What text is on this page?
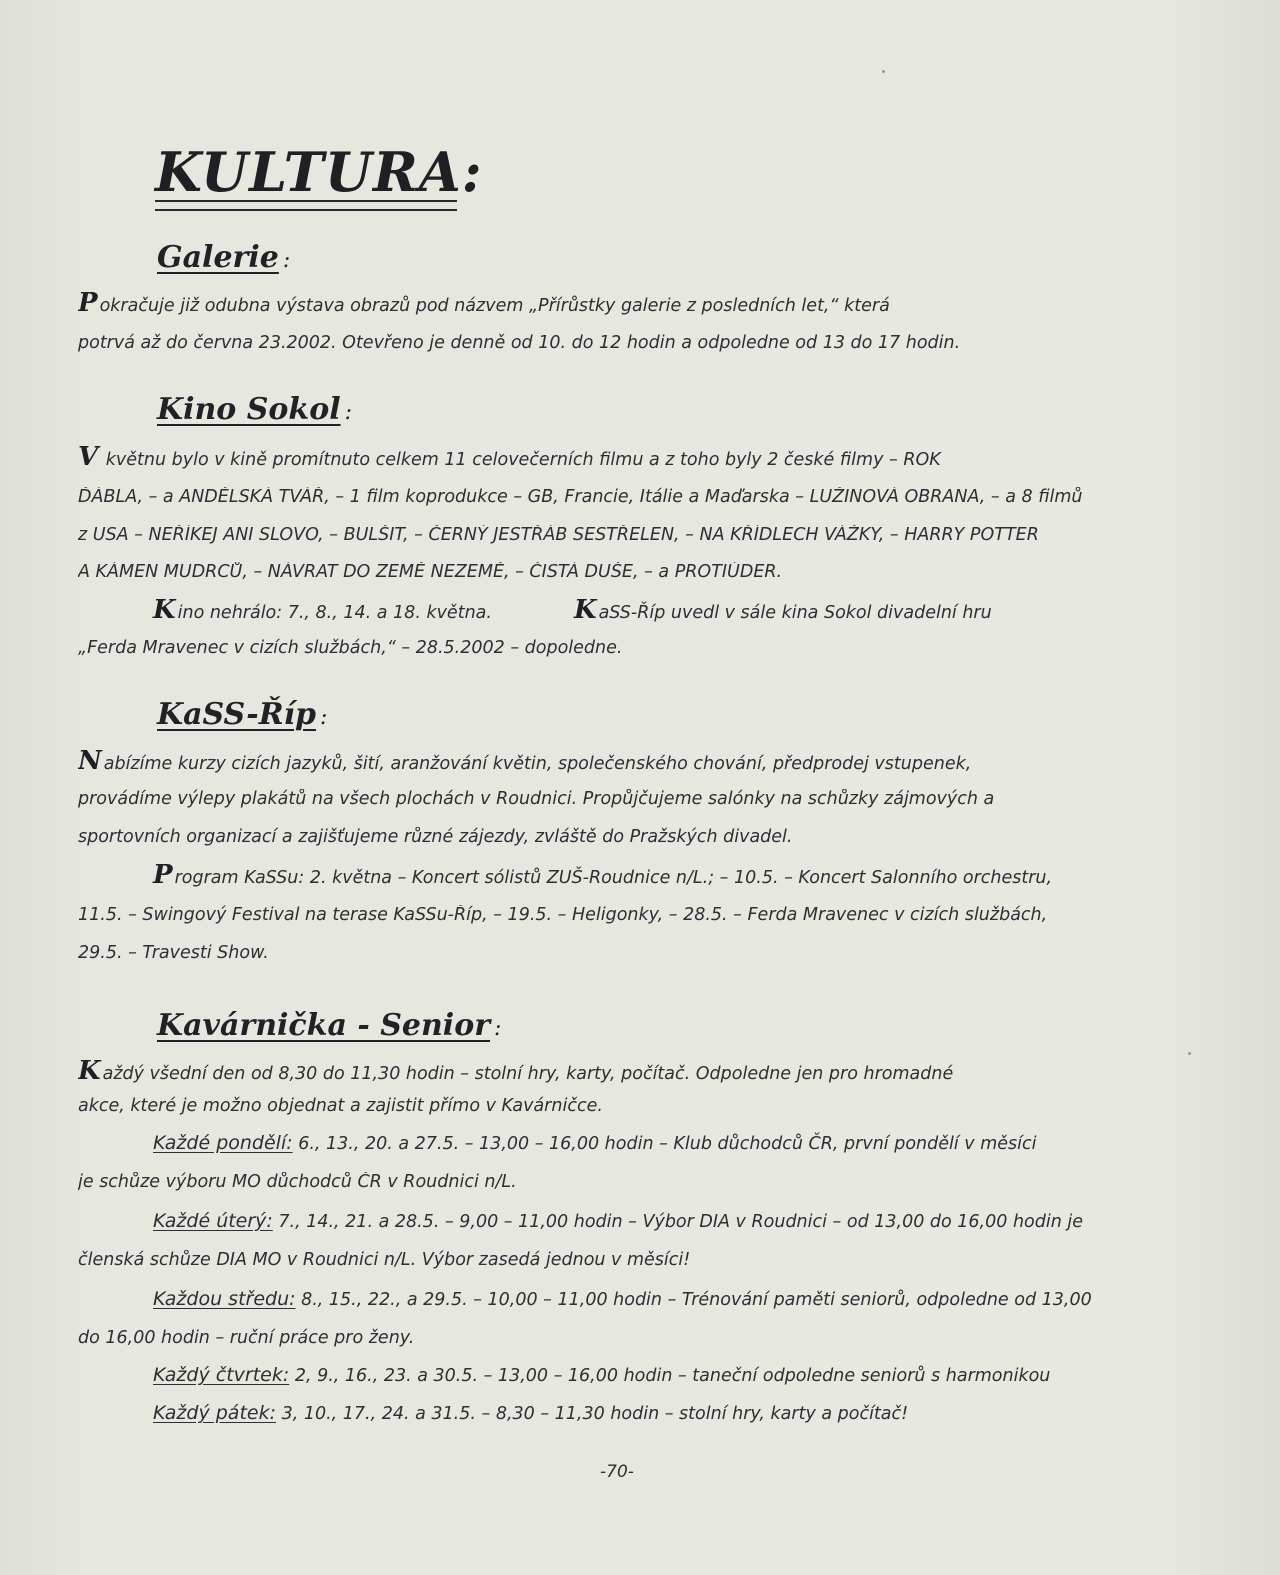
KULTURA:
Galerie :

P okračuje již odubna výstava obrazů pod názvem „Přírůstky galerie z posledních let,“ která

potrvá až do června 23.2002. Otevřeno je denně od 10. do 12 hodin a odpoledne od 13 do 17 hodin.

Kino Sokol :

V květnu bylo v kině promítnuto celkem 11 celovečerních filmu a z toho byly 2 české filmy – ROK

ĎÁBLA, – a ANDĚLSKÁ TVÁŘ, – 1 film koprodukce – GB, Francie, Itálie a Maďarska – LUŽINOVÁ OBRANA, – a 8 filmů

z USA – NEŘÍKEJ ANI SLOVO, – BULŠIT, – ČERNÝ JESTŘÁB SESTŘELEN, – NA KŘÍDLECH VÁŽKY, – HARRY POTTER

A KÁMEN MUDRCŮ, – NÁVRAT DO ZEMĚ NEZEMĚ, – ČISTÁ DUŠE, – a PROTIÚDER.

K ino nehrálo: 7., 8., 14. a 18. května.	K aSS-Říp uvedl v sále kina Sokol divadelní hru

„Ferda Mravenec v cizích službách,“ – 28.5.2002 – dopoledne.

KaSS-Říp :

N abízíme kurzy cizích jazyků, šití, aranžování květin, společenského chování, předprodej vstupenek,

provádíme výlepy plakátů na všech plochách v Roudnici. Propůjčujeme salónky na schůzky zájmových a

sportovních organizací a zajišťujeme různé zájezdy, zvláště do Pražských divadel.

P rogram KaSSu: 2. května – Koncert sólistů ZUŠ-Roudnice n/L.; – 10.5. – Koncert Salonního orchestru,

11.5. – Swingový Festival na terase KaSSu-Říp, – 19.5. – Heligonky, – 28.5. – Ferda Mravenec v cizích službách,

29.5. – Travesti Show.

Kavárnička - Senior :

K aždý všední den od 8,30 do 11,30 hodin – stolní hry, karty, počítač. Odpoledne jen pro hromadné

akce, které je možno objednat a zajistit přímo v Kavárničce.

Každé pondělí: 6., 13., 20. a 27.5. – 13,00 – 16,00 hodin – Klub důchodců ČR, první pondělí v měsíci

je schůze výboru MO důchodců ČR v Roudnici n/L.

Každé úterý: 7., 14., 21. a 28.5. – 9,00 – 11,00 hodin – Výbor DIA v Roudnici – od 13,00 do 16,00 hodin je

členská schůze DIA MO v Roudnici n/L. Výbor zasedá jednou v měsíci!

Každou středu: 8., 15., 22., a 29.5. – 10,00 – 11,00 hodin – Trénování paměti seniorů, odpoledne od 13,00

do 16,00 hodin – ruční práce pro ženy.

Každý čtvrtek: 2, 9., 16., 23. a 30.5. – 13,00 – 16,00 hodin – taneční odpoledne seniorů s harmonikou

Každý pátek: 3, 10., 17., 24. a 31.5. – 8,30 – 11,30 hodin – stolní hry, karty a počítač!

-70-
